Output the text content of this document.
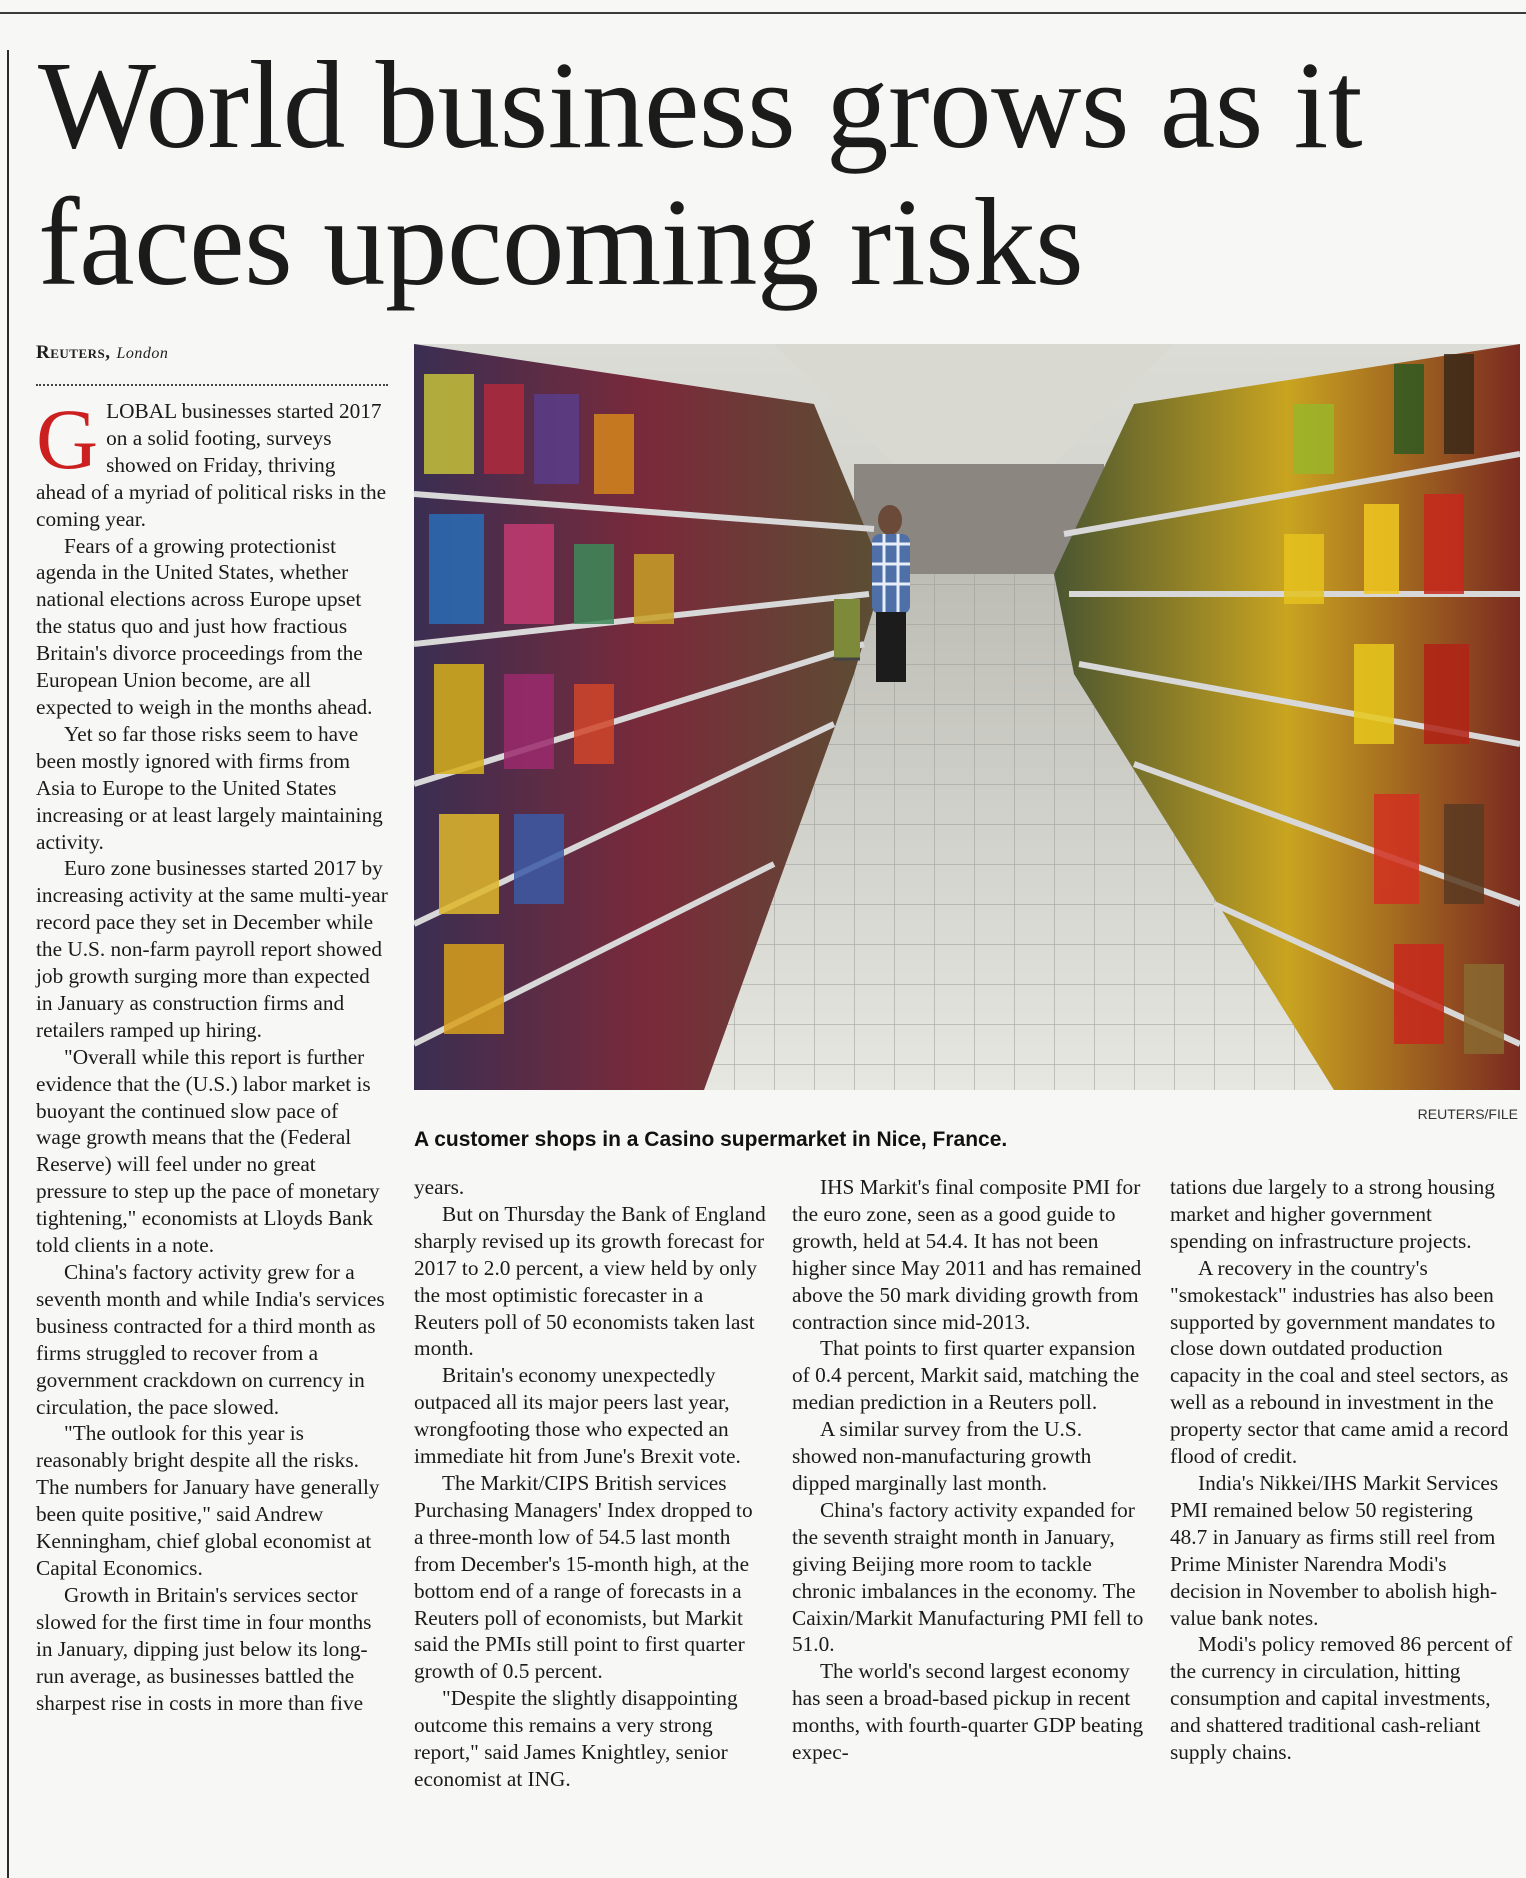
World business grows as it faces upcoming risks
Reuters, London
G LOBAL businesses started 2017 on a solid footing, surveys showed on Friday, thriving ahead of a myriad of political risks in the coming year.

Fears of a growing protectionist agenda in the United States, whether national elections across Europe upset the status quo and just how fractious Britain's divorce proceedings from the European Union become, are all expected to weigh in the months ahead.

Yet so far those risks seem to have been mostly ignored with firms from Asia to Europe to the United States increasing or at least largely maintaining activity.

Euro zone businesses started 2017 by increasing activity at the same multi-year record pace they set in December while the U.S. non-farm payroll report showed job growth surging more than expected in January as construction firms and retailers ramped up hiring.

"Overall while this report is further evidence that the (U.S.) labor market is buoyant the continued slow pace of wage growth means that the (Federal Reserve) will feel under no great pressure to step up the pace of monetary tightening," economists at Lloyds Bank told clients in a note.

China's factory activity grew for a seventh month and while India's services business contracted for a third month as firms struggled to recover from a government crackdown on currency in circulation, the pace slowed.

"The outlook for this year is reasonably bright despite all the risks. The numbers for January have generally been quite positive," said Andrew Kenningham, chief global economist at Capital Economics.

Growth in Britain's services sector slowed for the first time in four months in January, dipping just below its long-run average, as businesses battled the sharpest rise in costs in more than five

REUTERS/FILE
A customer shops in a Casino supermarket in Nice, France.

years.

But on Thursday the Bank of England sharply revised up its growth forecast for 2017 to 2.0 percent, a view held by only the most optimistic forecaster in a Reuters poll of 50 economists taken last month.

Britain's economy unexpectedly outpaced all its major peers last year, wrongfooting those who expected an immediate hit from June's Brexit vote.

The Markit/CIPS British services Purchasing Managers' Index dropped to a three-month low of 54.5 last month from December's 15-month high, at the bottom end of a range of forecasts in a Reuters poll of economists, but Markit said the PMIs still point to first quarter growth of 0.5 percent.

"Despite the slightly disappointing outcome this remains a very strong report," said James Knightley, senior economist at ING.

IHS Markit's final composite PMI for the euro zone, seen as a good guide to growth, held at 54.4. It has not been higher since May 2011 and has remained above the 50 mark dividing growth from contraction since mid-2013.

That points to first quarter expansion of 0.4 percent, Markit said, matching the median prediction in a Reuters poll.

A similar survey from the U.S. showed non-manufacturing growth dipped marginally last month.

China's factory activity expanded for the seventh straight month in January, giving Beijing more room to tackle chronic imbalances in the economy. The Caixin/Markit Manufacturing PMI fell to 51.0.

The world's second largest economy has seen a broad-based pickup in recent months, with fourth-quarter GDP beating expec-

tations due largely to a strong housing market and higher government spending on infrastructure projects.

A recovery in the country's "smokestack" industries has also been supported by government mandates to close down outdated production capacity in the coal and steel sectors, as well as a rebound in investment in the property sector that came amid a record flood of credit.

India's Nikkei/IHS Markit Services PMI remained below 50 registering 48.7 in January as firms still reel from Prime Minister Narendra Modi's decision in November to abolish high-value bank notes.

Modi's policy removed 86 percent of the currency in circulation, hitting consumption and capital investments, and shattered traditional cash-reliant supply chains.
